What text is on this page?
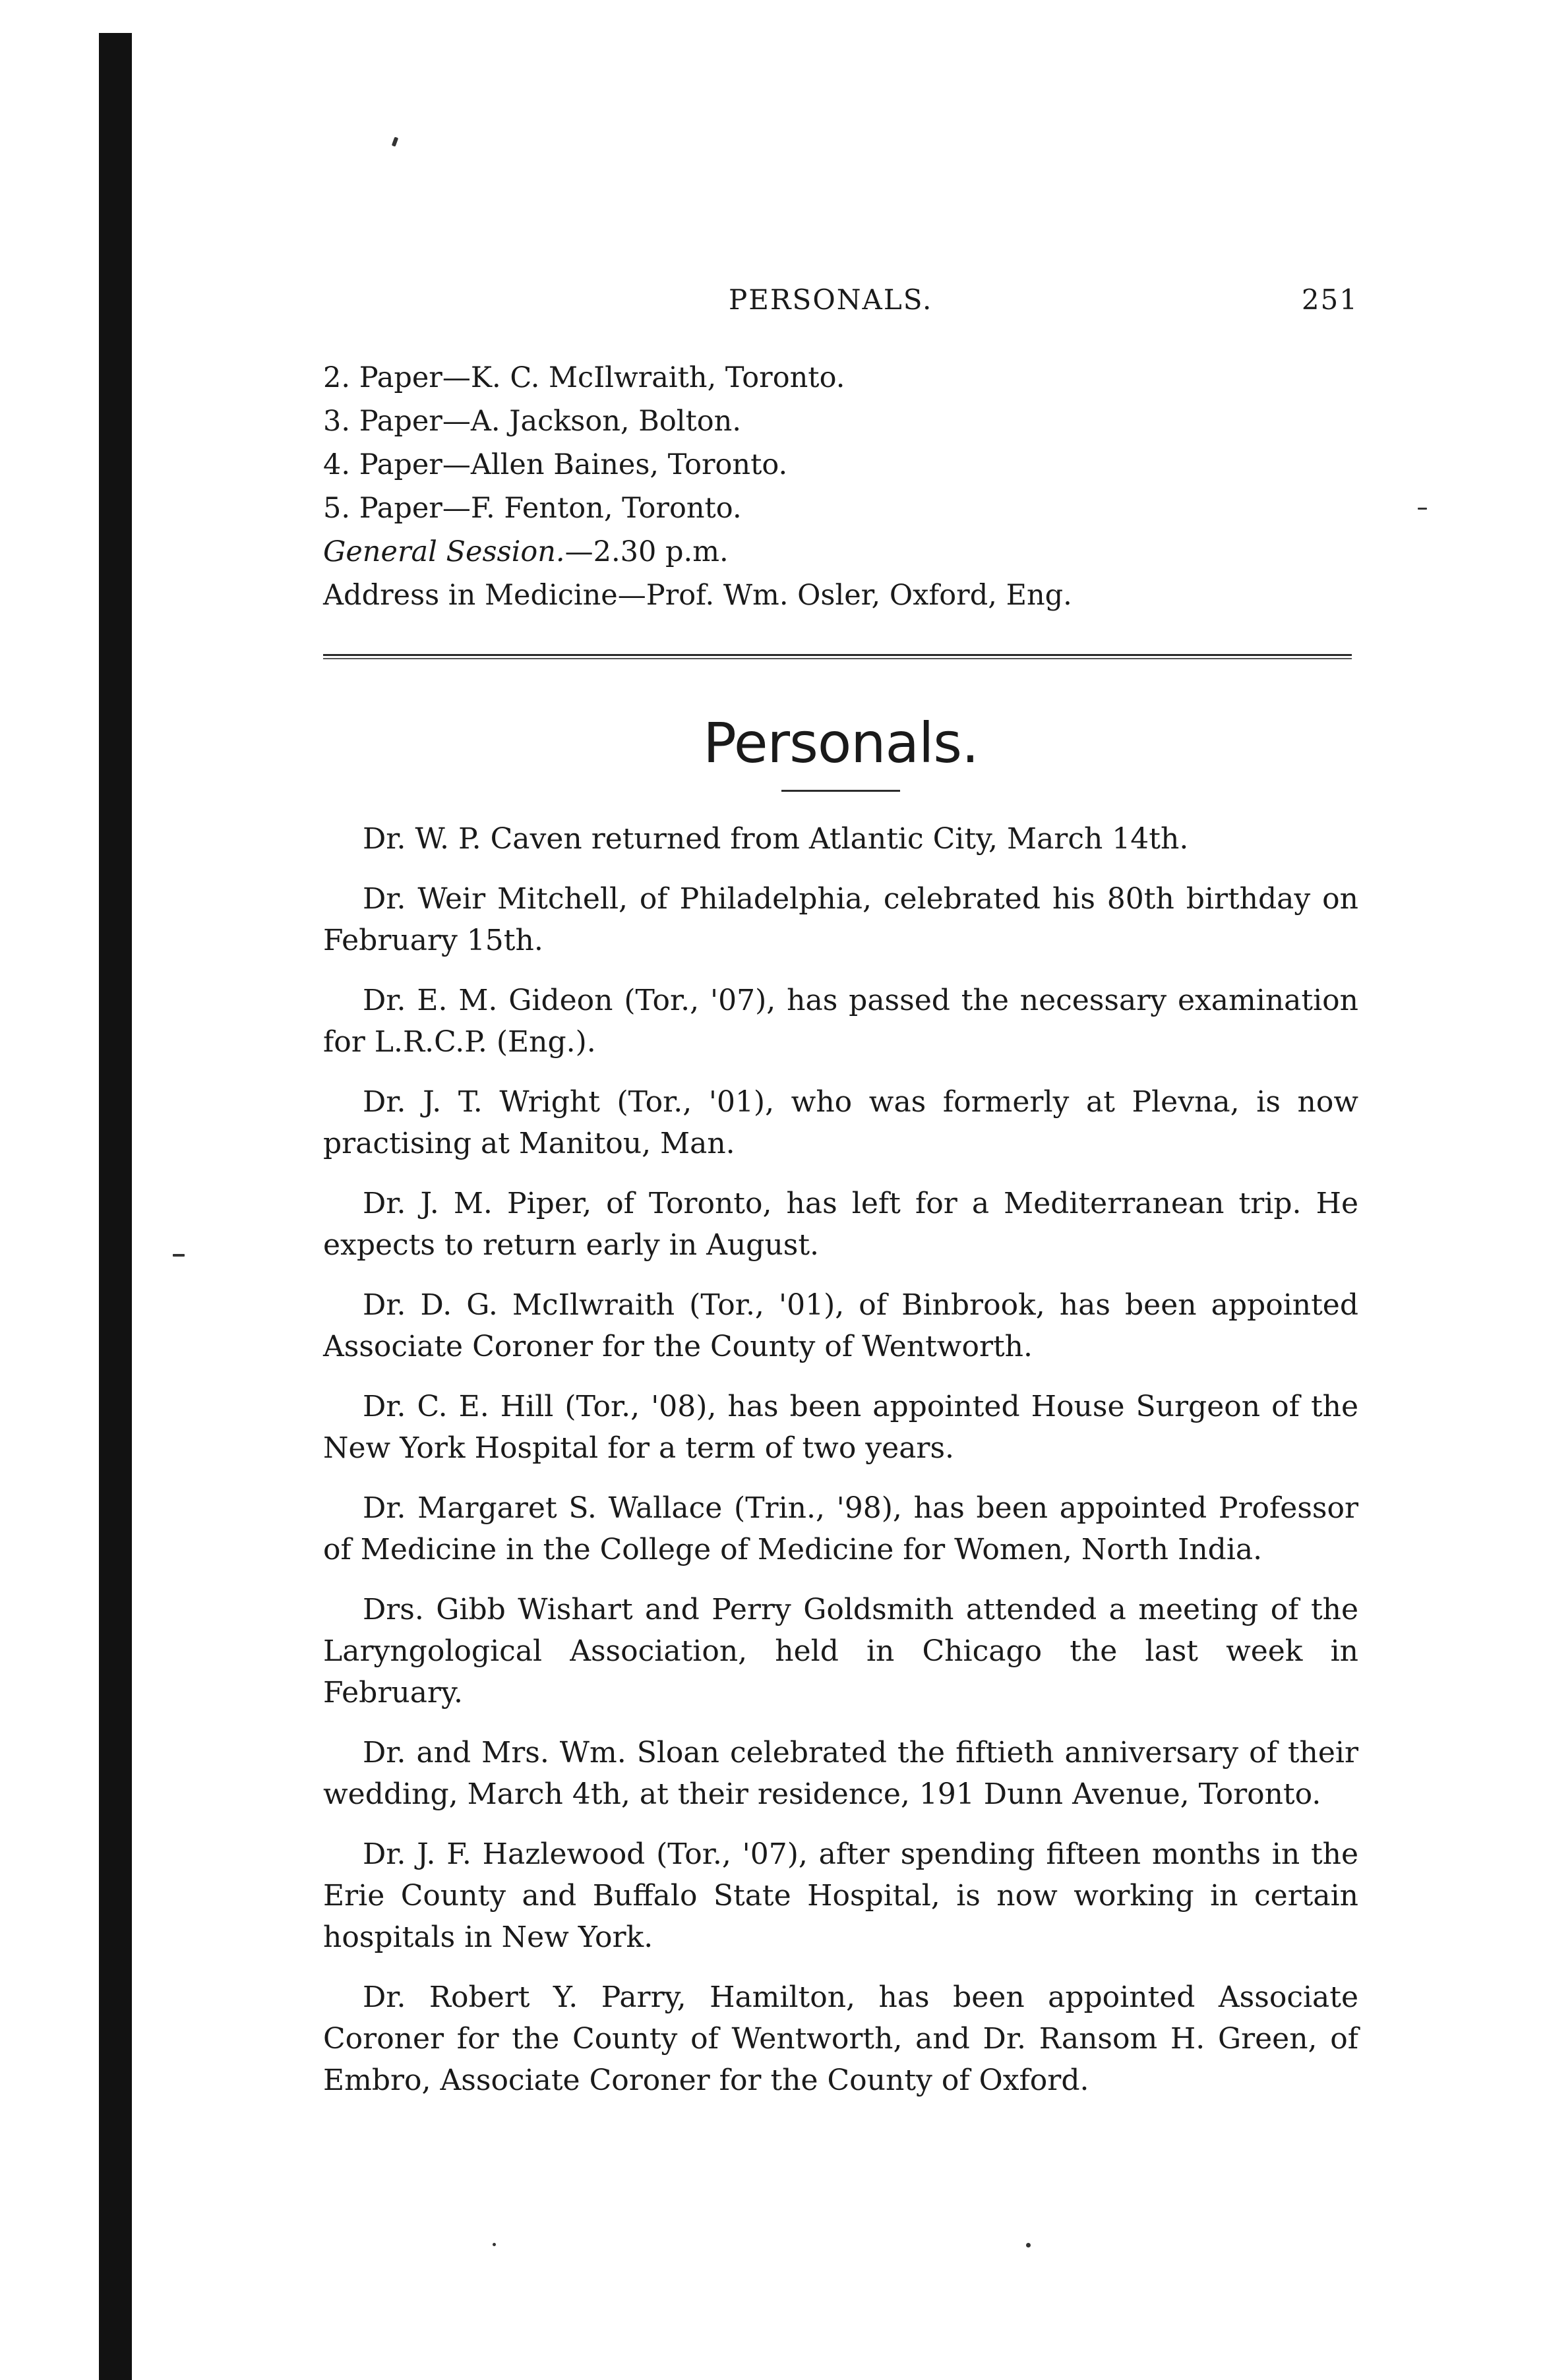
PERSONALS.	251
2. Paper—K. C. McIlwraith, Toronto.
3. Paper—A. Jackson, Bolton.
4. Paper—Allen Baines, Toronto.
5. Paper—F. Fenton, Toronto.
General Session.—2.30 p.m.
Address in Medicine—Prof. Wm. Osler, Oxford, Eng.
Personals.

Dr. W. P. Caven returned from Atlantic City, March 14th.

Dr. Weir Mitchell, of Philadelphia, celebrated his 80th birthday on February 15th.

Dr. E. M. Gideon (Tor., '07), has passed the necessary examination for L.R.C.P. (Eng.).

Dr. J. T. Wright (Tor., '01), who was formerly at Plevna, is now practising at Manitou, Man.

Dr. J. M. Piper, of Toronto, has left for a Mediterranean trip. He expects to return early in August.

Dr. D. G. McIlwraith (Tor., '01), of Binbrook, has been appointed Associate Coroner for the County of Wentworth.

Dr. C. E. Hill (Tor., '08), has been appointed House Surgeon of the New York Hospital for a term of two years.

Dr. Margaret S. Wallace (Trin., '98), has been appointed Professor of Medicine in the College of Medicine for Women, North India.

Drs. Gibb Wishart and Perry Goldsmith attended a meeting of the Laryngological Association, held in Chicago the last week in February.

Dr. and Mrs. Wm. Sloan celebrated the fiftieth anniversary of their wedding, March 4th, at their residence, 191 Dunn Avenue, Toronto.

Dr. J. F. Hazlewood (Tor., '07), after spending fifteen months in the Erie County and Buffalo State Hospital, is now working in certain hospitals in New York.

Dr. Robert Y. Parry, Hamilton, has been appointed Associate Coroner for the County of Wentworth, and Dr. Ransom H. Green, of Embro, Associate Coroner for the County of Oxford.
